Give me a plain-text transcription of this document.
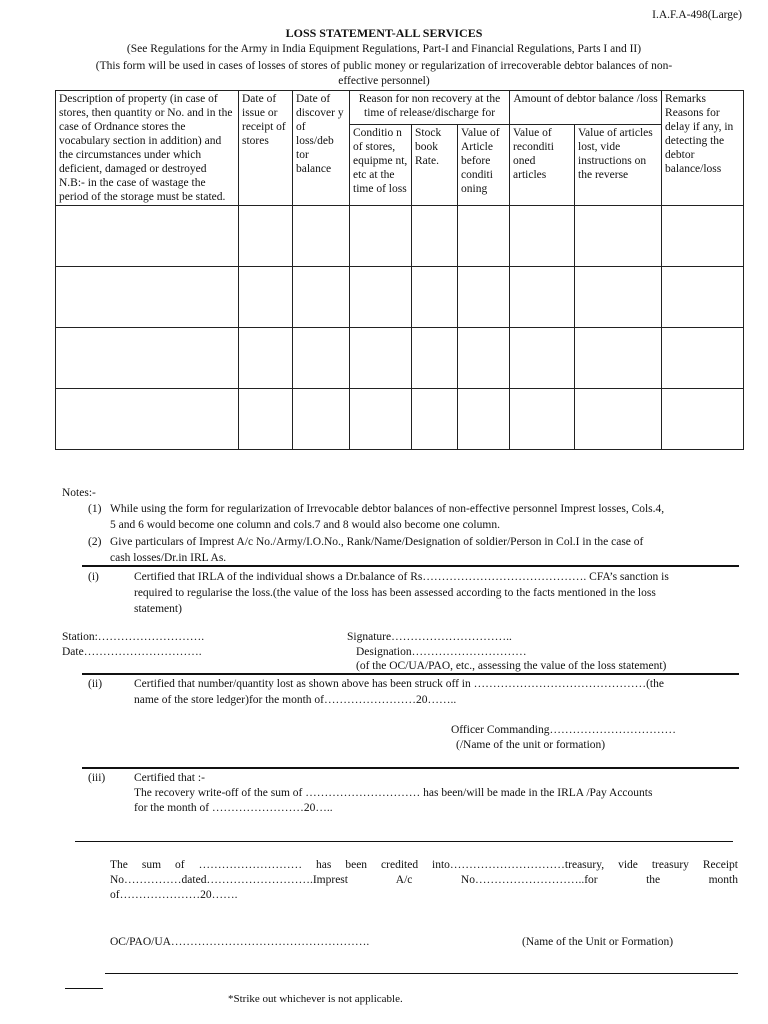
I.A.F.A-498(Large)
LOSS STATEMENT-ALL SERVICES
(See Regulations for the Army in India Equipment Regulations, Part-I and Financial Regulations, Parts I and II)
(This form will be used in cases of losses of stores of public money or regularization of irrecoverable debtor balances of non-
effective personnel)
Description of property (in case of stores, then quantity or No. and in the case of Ordnance stores the vocabulary section in addition) and the circumstances under which deficient, damaged or destroyed N.B:- in the case of wastage the period of the storage must be stated.	Date of issue or receipt of stores	Date of discover y of loss/deb tor balance	Reason for non recovery at the time of release/discharge for			Amount of debtor balance /loss		Remarks Reasons for delay if any, in detecting the debtor balance/loss
			Conditio n of stores, equipme nt, etc at the time of loss	Stock book Rate.	Value of Article before conditi oning	Value of reconditi oned articles	Value of articles lost, vide instructions on the reverse	

Notes:-
(1) While using the form for regularization of Irrevocable debtor balances of non-effective personnel Imprest losses, Cols.4,
5 and 6 would become one column and cols.7 and 8 would also become one column.
(2) Give particulars of Imprest A/c No./Army/I.O.No., Rank/Name/Designation of soldier/Person in Col.I in the case of
cash losses/Dr.in IRL As.
(i)	Certified that IRLA of the individual shows a Dr.balance of Rs……………………………………. CFA’s sanction is
required to regularise the loss.(the value of the loss has been assessed according to the facts mentioned in the loss
statement)
Station:……………………….
Date………………………….
Signature…………………………..
Designation…………………………
(of the OC/UA/PAO, etc., assessing the value of the loss statement)
(ii)	Certified that number/quantity lost as shown above has been struck off in ………………………………………(the
name of the store ledger)for the month of……………………20……..
Officer Commanding……………………………
(/Name of the unit or formation)
(iii)	Certified that :-
The recovery write-off of the sum of ………………………… has been/will be made in the IRLA /Pay Accounts
for the month of ……………………20…..
The sum of ……………………… has been credited into…………………………treasury, vide treasury Receipt
No……………dated……………………….Imprest A/c No………………………..for the month
of…………………20…….
OC/PAO/UA…………………………………………….	(Name of the Unit or Formation)
*Strike out whichever is not applicable.
